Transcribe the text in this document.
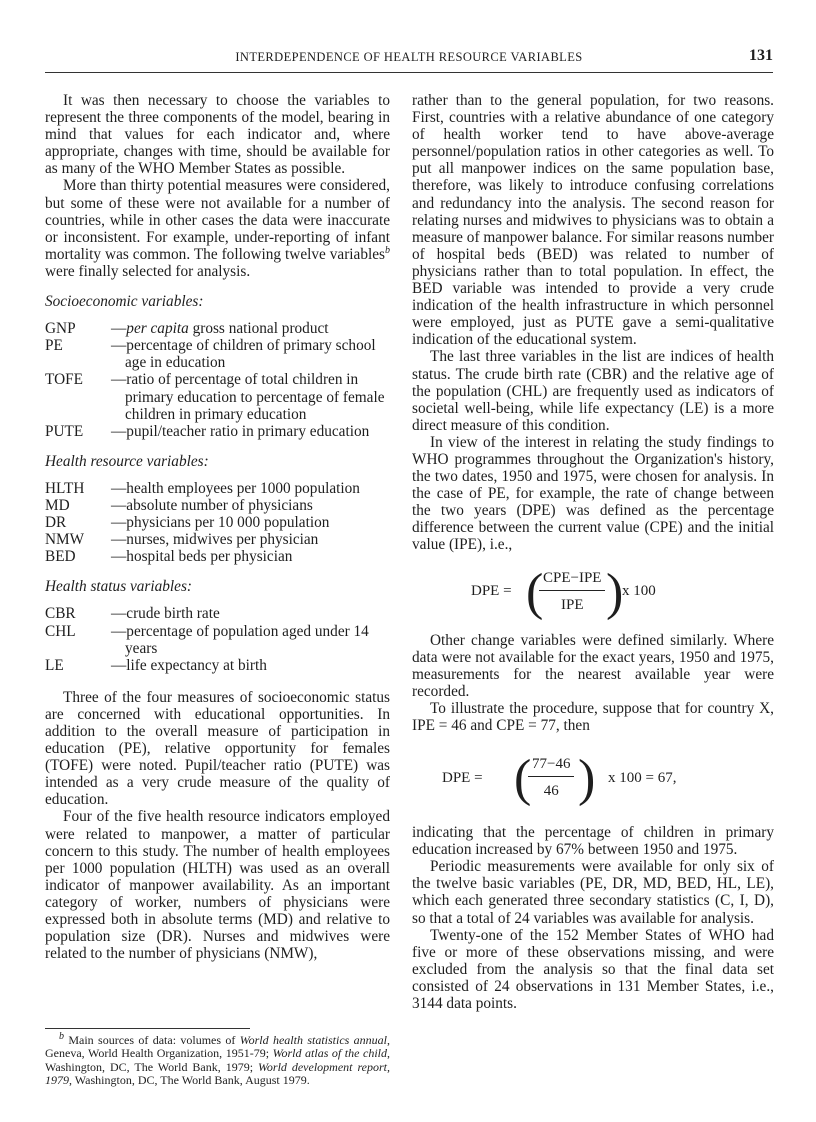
INTERDEPENDENCE OF HEALTH RESOURCE VARIABLES	131

It was then necessary to choose the variables to represent the three components of the model, bearing in mind that values for each indicator and, where appropriate, changes with time, should be available for as many of the WHO Member States as possible.

More than thirty potential measures were considered, but some of these were not available for a number of countries, while in other cases the data were inaccurate or inconsistent. For example, under-reporting of infant mortality was common. The following twelve variables$^b$ were finally selected for analysis.

Socioeconomic variables:
GNP	—per capita gross national product
PE	—percentage of children of primary school
age in education
TOFE	—ratio of percentage of total children in
primary education to percentage of female children in primary education
PUTE	—pupil/teacher ratio in primary education
Health resource variables:
HLTH	—health employees per 1000 population
MD	—absolute number of physicians
DR	—physicians per 10 000 population
NMW	—nurses, midwives per physician
BED	—hospital beds per physician
Health status variables:
CBR	—crude birth rate
CHL	—percentage of population aged under 14
years
LE	—life expectancy at birth

Three of the four measures of socioeconomic status are concerned with educational opportunities. In addition to the overall measure of participation in education (PE), relative opportunity for females (TOFE) were noted. Pupil/teacher ratio (PUTE) was intended as a very crude measure of the quality of education.

Four of the five health resource indicators employed were related to manpower, a matter of particular concern to this study. The number of health employees per 1000 population (HLTH) was used as an overall indicator of manpower availability. As an important category of worker, numbers of physicians were expressed both in absolute terms (MD) and relative to population size (DR). Nurses and midwives were related to the number of physicians (NMW),

rather than to the general population, for two reasons. First, countries with a relative abundance of one category of health worker tend to have above-average personnel/population ratios in other categories as well. To put all manpower indices on the same population base, therefore, was likely to introduce confusing correlations and redundancy into the analysis. The second reason for relating nurses and midwives to physicians was to obtain a measure of manpower balance. For similar reasons number of hospital beds (BED) was related to number of physicians rather than to total population. In effect, the BED variable was intended to provide a very crude indication of the health infrastructure in which personnel were employed, just as PUTE gave a semi-qualitative indication of the educational system.

The last three variables in the list are indices of health status. The crude birth rate (CBR) and the relative age of the population (CHL) are frequently used as indicators of societal well-being, while life expectancy (LE) is a more direct measure of this condition.

In view of the interest in relating the study findings to WHO programmes throughout the Organization's history, the two dates, 1950 and 1975, were chosen for analysis. In the case of PE, for example, the rate of change between the two years (DPE) was defined as the percentage difference between the current value (CPE) and the initial value (IPE), i.e.,

DPE = ( CPE−IPE
IPE )
x 100

Other change variables were defined similarly. Where data were not available for the exact years, 1950 and 1975, measurements for the nearest available year were recorded.

To illustrate the procedure, suppose that for country X, IPE = 46 and CPE = 77, then

DPE = (
$\frac{77-46}{46}$ ) x 100 = 67,

indicating that the percentage of children in primary education increased by 67% between 1950 and 1975.

Periodic measurements were available for only six of the twelve basic variables (PE, DR, MD, BED, HL, LE), which each generated three secondary statistics (C, I, D), so that a total of 24 variables was available for analysis.

Twenty-one of the 152 Member States of WHO had five or more of these observations missing, and were excluded from the analysis so that the final data set consisted of 24 observations in 131 Member States, i.e., 3144 data points.

$^b$ Main sources of data: volumes of World health statistics annual, Geneva, World Health Organization, 1951-79; World atlas of the child, Washington, DC, The World Bank, 1979; World development report, 1979, Washington, DC, The World Bank, August 1979.
